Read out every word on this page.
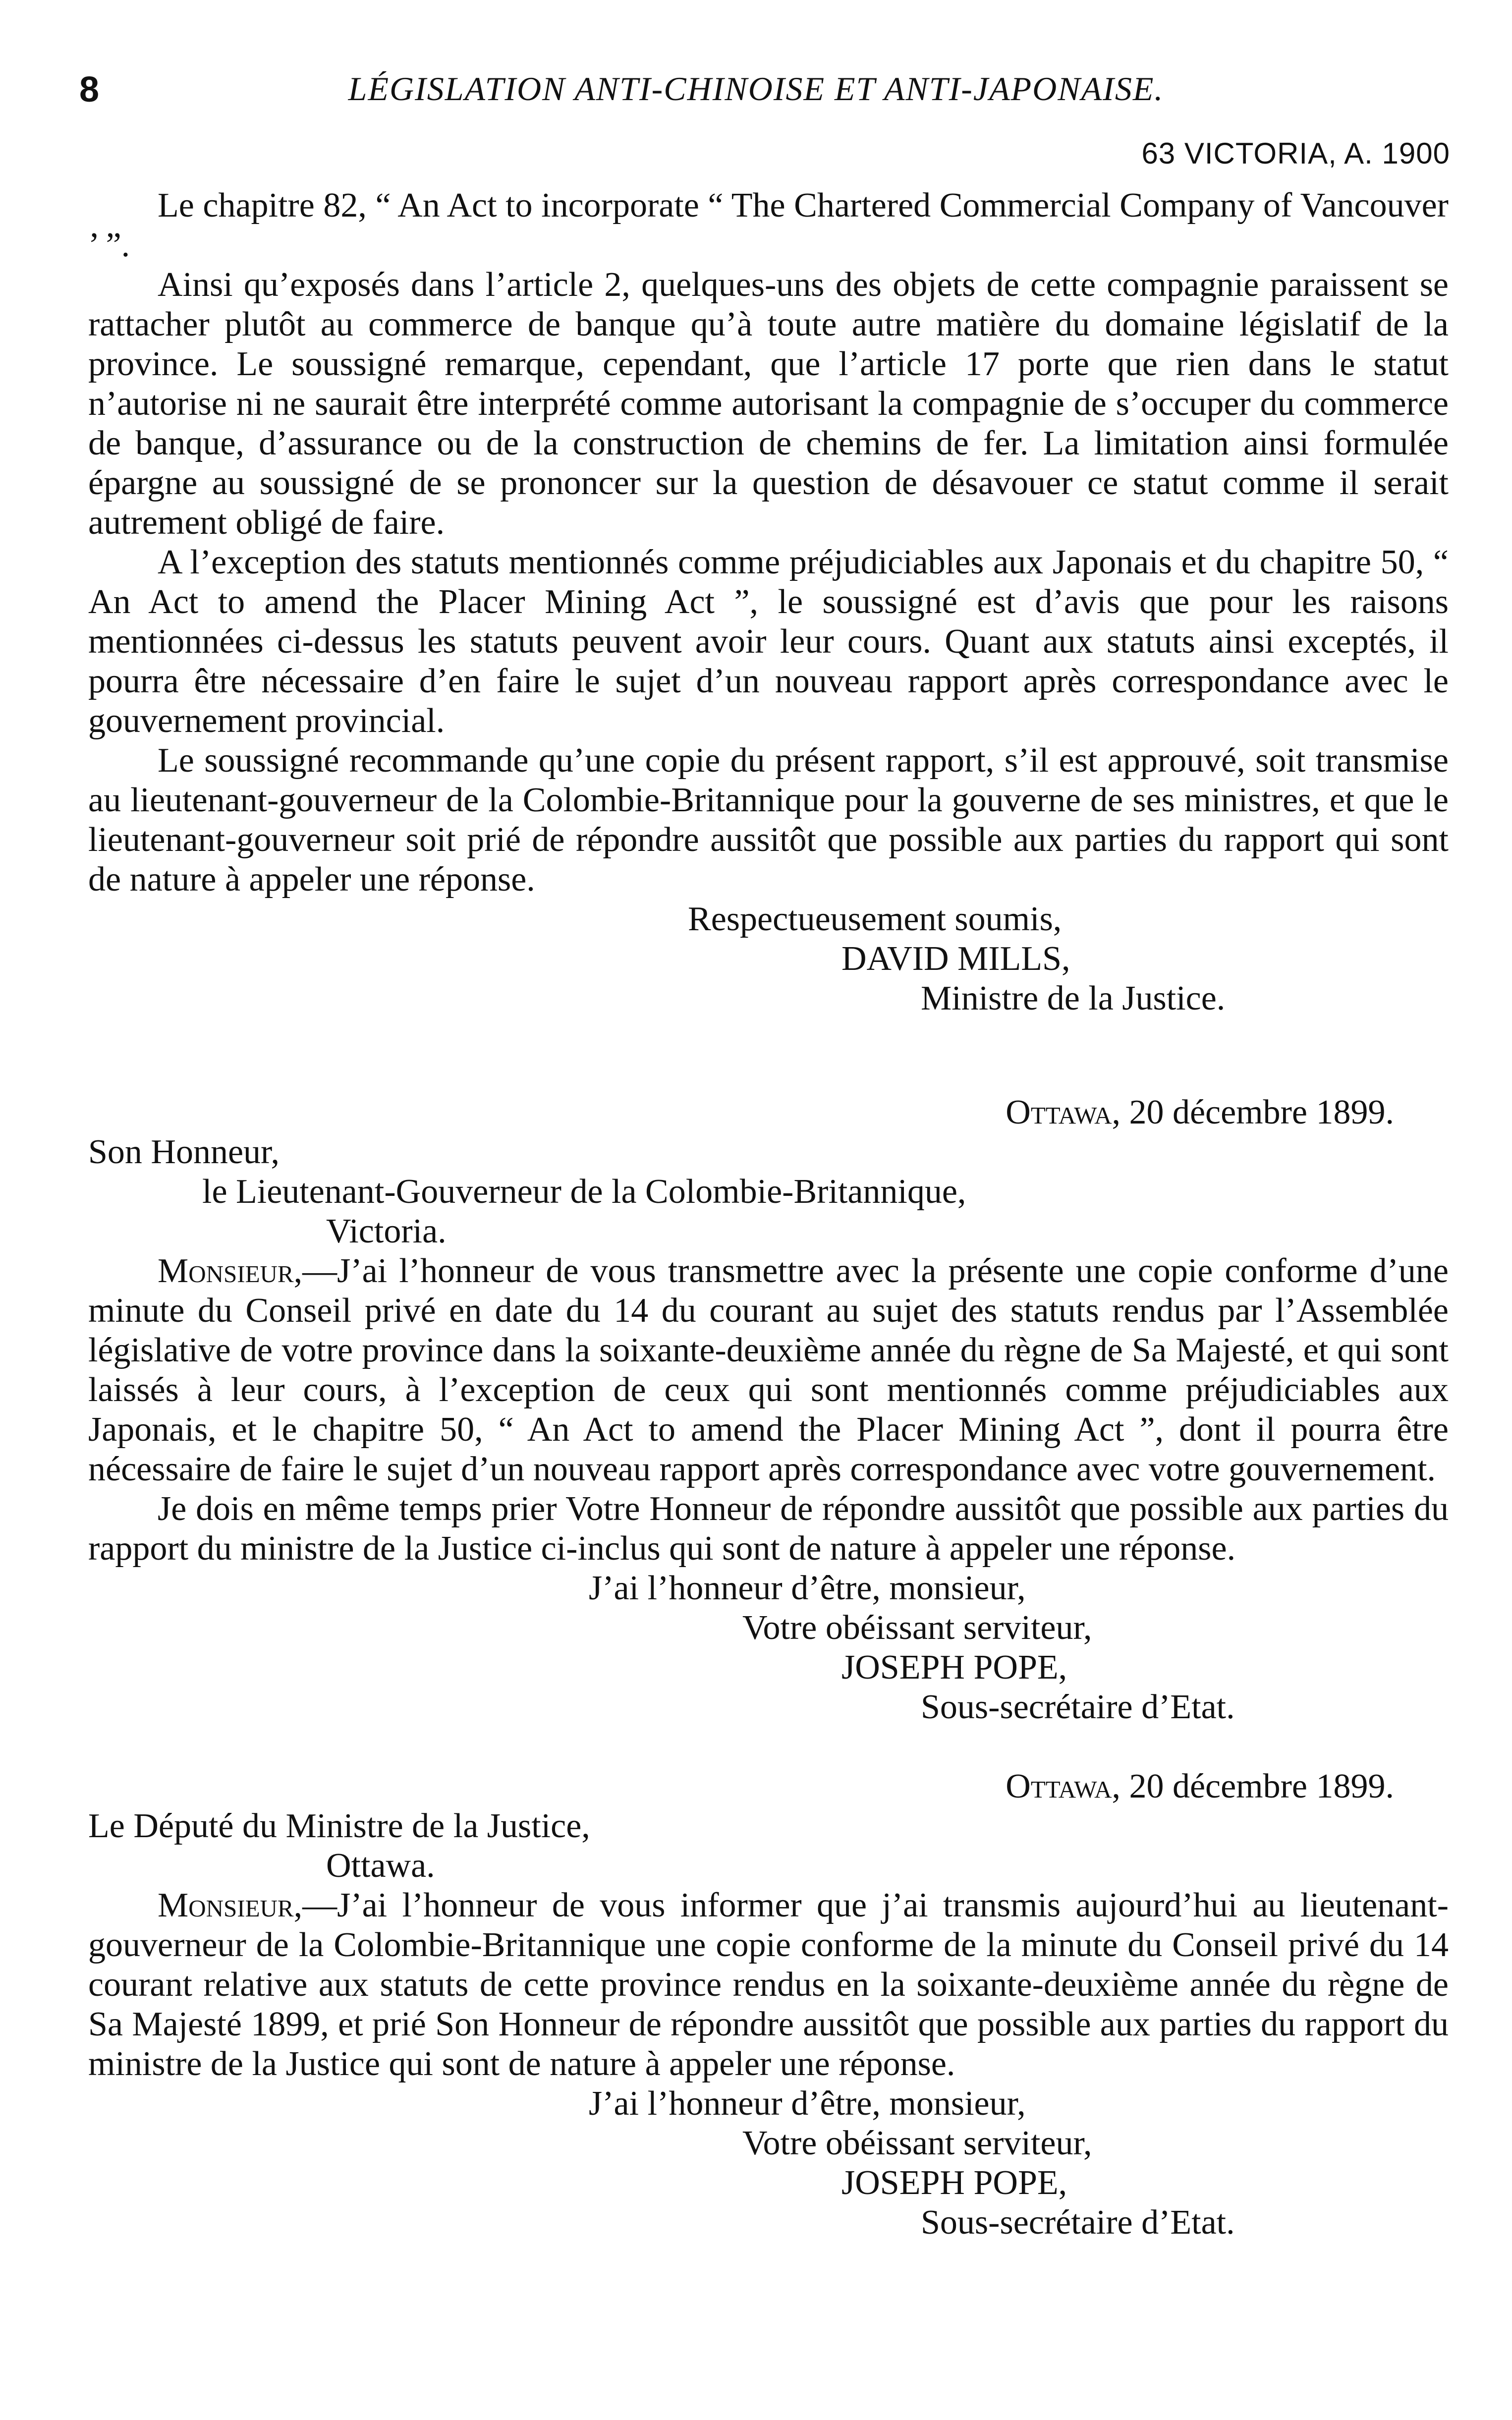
8	LÉGISLATION ANTI-CHINOISE ET ANTI-JAPONAISE.
63 VICTORIA, A. 1900

Le chapitre 82, “ An Act to incorporate “ The Chartered Commercial Company of Vancouver ’ ”.

Ainsi qu’exposés dans l’article 2, quelques-uns des objets de cette compagnie paraissent se rattacher plutôt au commerce de banque qu’à toute autre matière du domaine législatif de la province. Le soussigné remarque, cependant, que l’article 17 porte que rien dans le statut n’autorise ni ne saurait être interprété comme autorisant la compagnie de s’occuper du commerce de banque, d’assurance ou de la construction de chemins de fer. La limitation ainsi formulée épargne au soussigné de se prononcer sur la question de désavouer ce statut comme il serait autrement obligé de faire.

A l’exception des statuts mentionnés comme préjudiciables aux Japonais et du chapitre 50, “ An Act to amend the Placer Mining Act ”, le soussigné est d’avis que pour les raisons mentionnées ci-dessus les statuts peuvent avoir leur cours. Quant aux statuts ainsi exceptés, il pourra être nécessaire d’en faire le sujet d’un nouveau rapport après correspondance avec le gouvernement provincial.

Le soussigné recommande qu’une copie du présent rapport, s’il est approuvé, soit transmise au lieutenant-gouverneur de la Colombie-Britannique pour la gouverne de ses ministres, et que le lieutenant-gouverneur soit prié de répondre aussitôt que possible aux parties du rapport qui sont de nature à appeler une réponse.

Respectueusement soumis,
DAVID MILLS,
Ministre de la Justice.
Ottawa, 20 décembre 1899.
Son Honneur,
le Lieutenant-Gouverneur de la Colombie-Britannique,
Victoria.

Monsieur,—J’ai l’honneur de vous transmettre avec la présente une copie conforme d’une minute du Conseil privé en date du 14 du courant au sujet des statuts rendus par l’Assemblée législative de votre province dans la soixante-deuxième année du règne de Sa Majesté, et qui sont laissés à leur cours, à l’exception de ceux qui sont mentionnés comme préjudiciables aux Japonais, et le chapitre 50, “ An Act to amend the Placer Mining Act ”, dont il pourra être nécessaire de faire le sujet d’un nouveau rapport après correspondance avec votre gouvernement.

Je dois en même temps prier Votre Honneur de répondre aussitôt que possible aux parties du rapport du ministre de la Justice ci-inclus qui sont de nature à appeler une réponse.

J’ai l’honneur d’être, monsieur,
Votre obéissant serviteur,
JOSEPH POPE,
Sous-secrétaire d’Etat.
Ottawa, 20 décembre 1899.
Le Député du Ministre de la Justice,
Ottawa.

Monsieur,—J’ai l’honneur de vous informer que j’ai transmis aujourd’hui au lieutenant-gouverneur de la Colombie-Britannique une copie conforme de la minute du Conseil privé du 14 courant relative aux statuts de cette province rendus en la soixante-deuxième année du règne de Sa Majesté 1899, et prié Son Honneur de répondre aussitôt que possible aux parties du rapport du ministre de la Justice qui sont de nature à appeler une réponse.

J’ai l’honneur d’être, monsieur,
Votre obéissant serviteur,
JOSEPH POPE,
Sous-secrétaire d’Etat.
